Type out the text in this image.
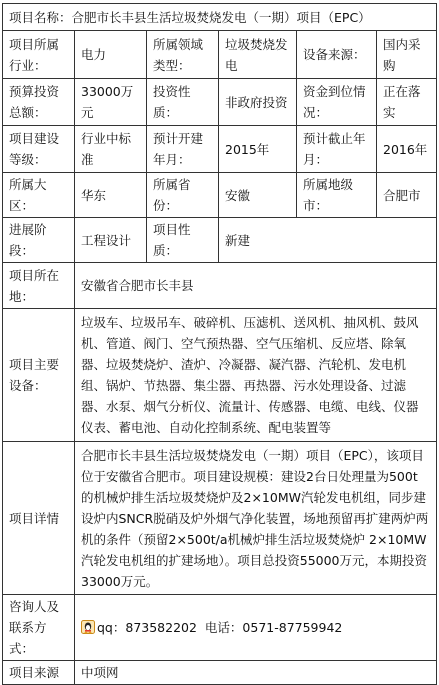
项目名称：合肥市长丰县生活垃圾焚烧发电（一期）项目（EPC）					
项目所属行业：	电力	所属领域类型：	垃圾焚烧发电	设备来源：	国内采购
预算投资总额：	33000万元	投资性质：	非政府投资	资金到位情况：	正在落实
项目建设等级：	行业中标准	预计开建年月：	2015年	预计截止年月：	2016年
所属大区：	华东	所属省份：	安徽	所属地级市：	合肥市
进展阶段：	工程设计	项目性质：	新建		
项目所在地：	安徽省合肥市长丰县				
项目主要设备：	垃圾车、垃圾吊车、破碎机、压滤机、送风机、抽风机、鼓风机、管道、阀门、空气预热器、空气压缩机、反应塔、除氧器、垃圾焚烧炉、渣炉、冷凝器、凝汽器、汽轮机、发电机组、锅炉、节热器、集尘器、再热器、污水处理设备、过滤器、水泵、烟气分析仪、流量计、传感器、电缆、电线、仪器仪表、蓄电池、自动化控制系统、配电装置等				
项目详情	合肥市长丰县生活垃圾焚烧发电（一期）项目（EPC），该项目位于安徽省合肥市。项目建设规模：建设2台日处理量为500t的机械炉排生活垃圾焚烧炉及2×10MW汽轮发电机组，同步建设炉内SNCR脱硝及炉外烟气净化装置，场地预留再扩建两炉两机的条件（预留2×500t/a机械炉排生活垃圾焚烧炉 2×10MW汽轮发电机组的扩建场地）。项目总投资55000万元，本期投资33000万元。				
咨询人及联系方式：	qq：873582202 电话：0571-87759942				
项目来源	中项网				
